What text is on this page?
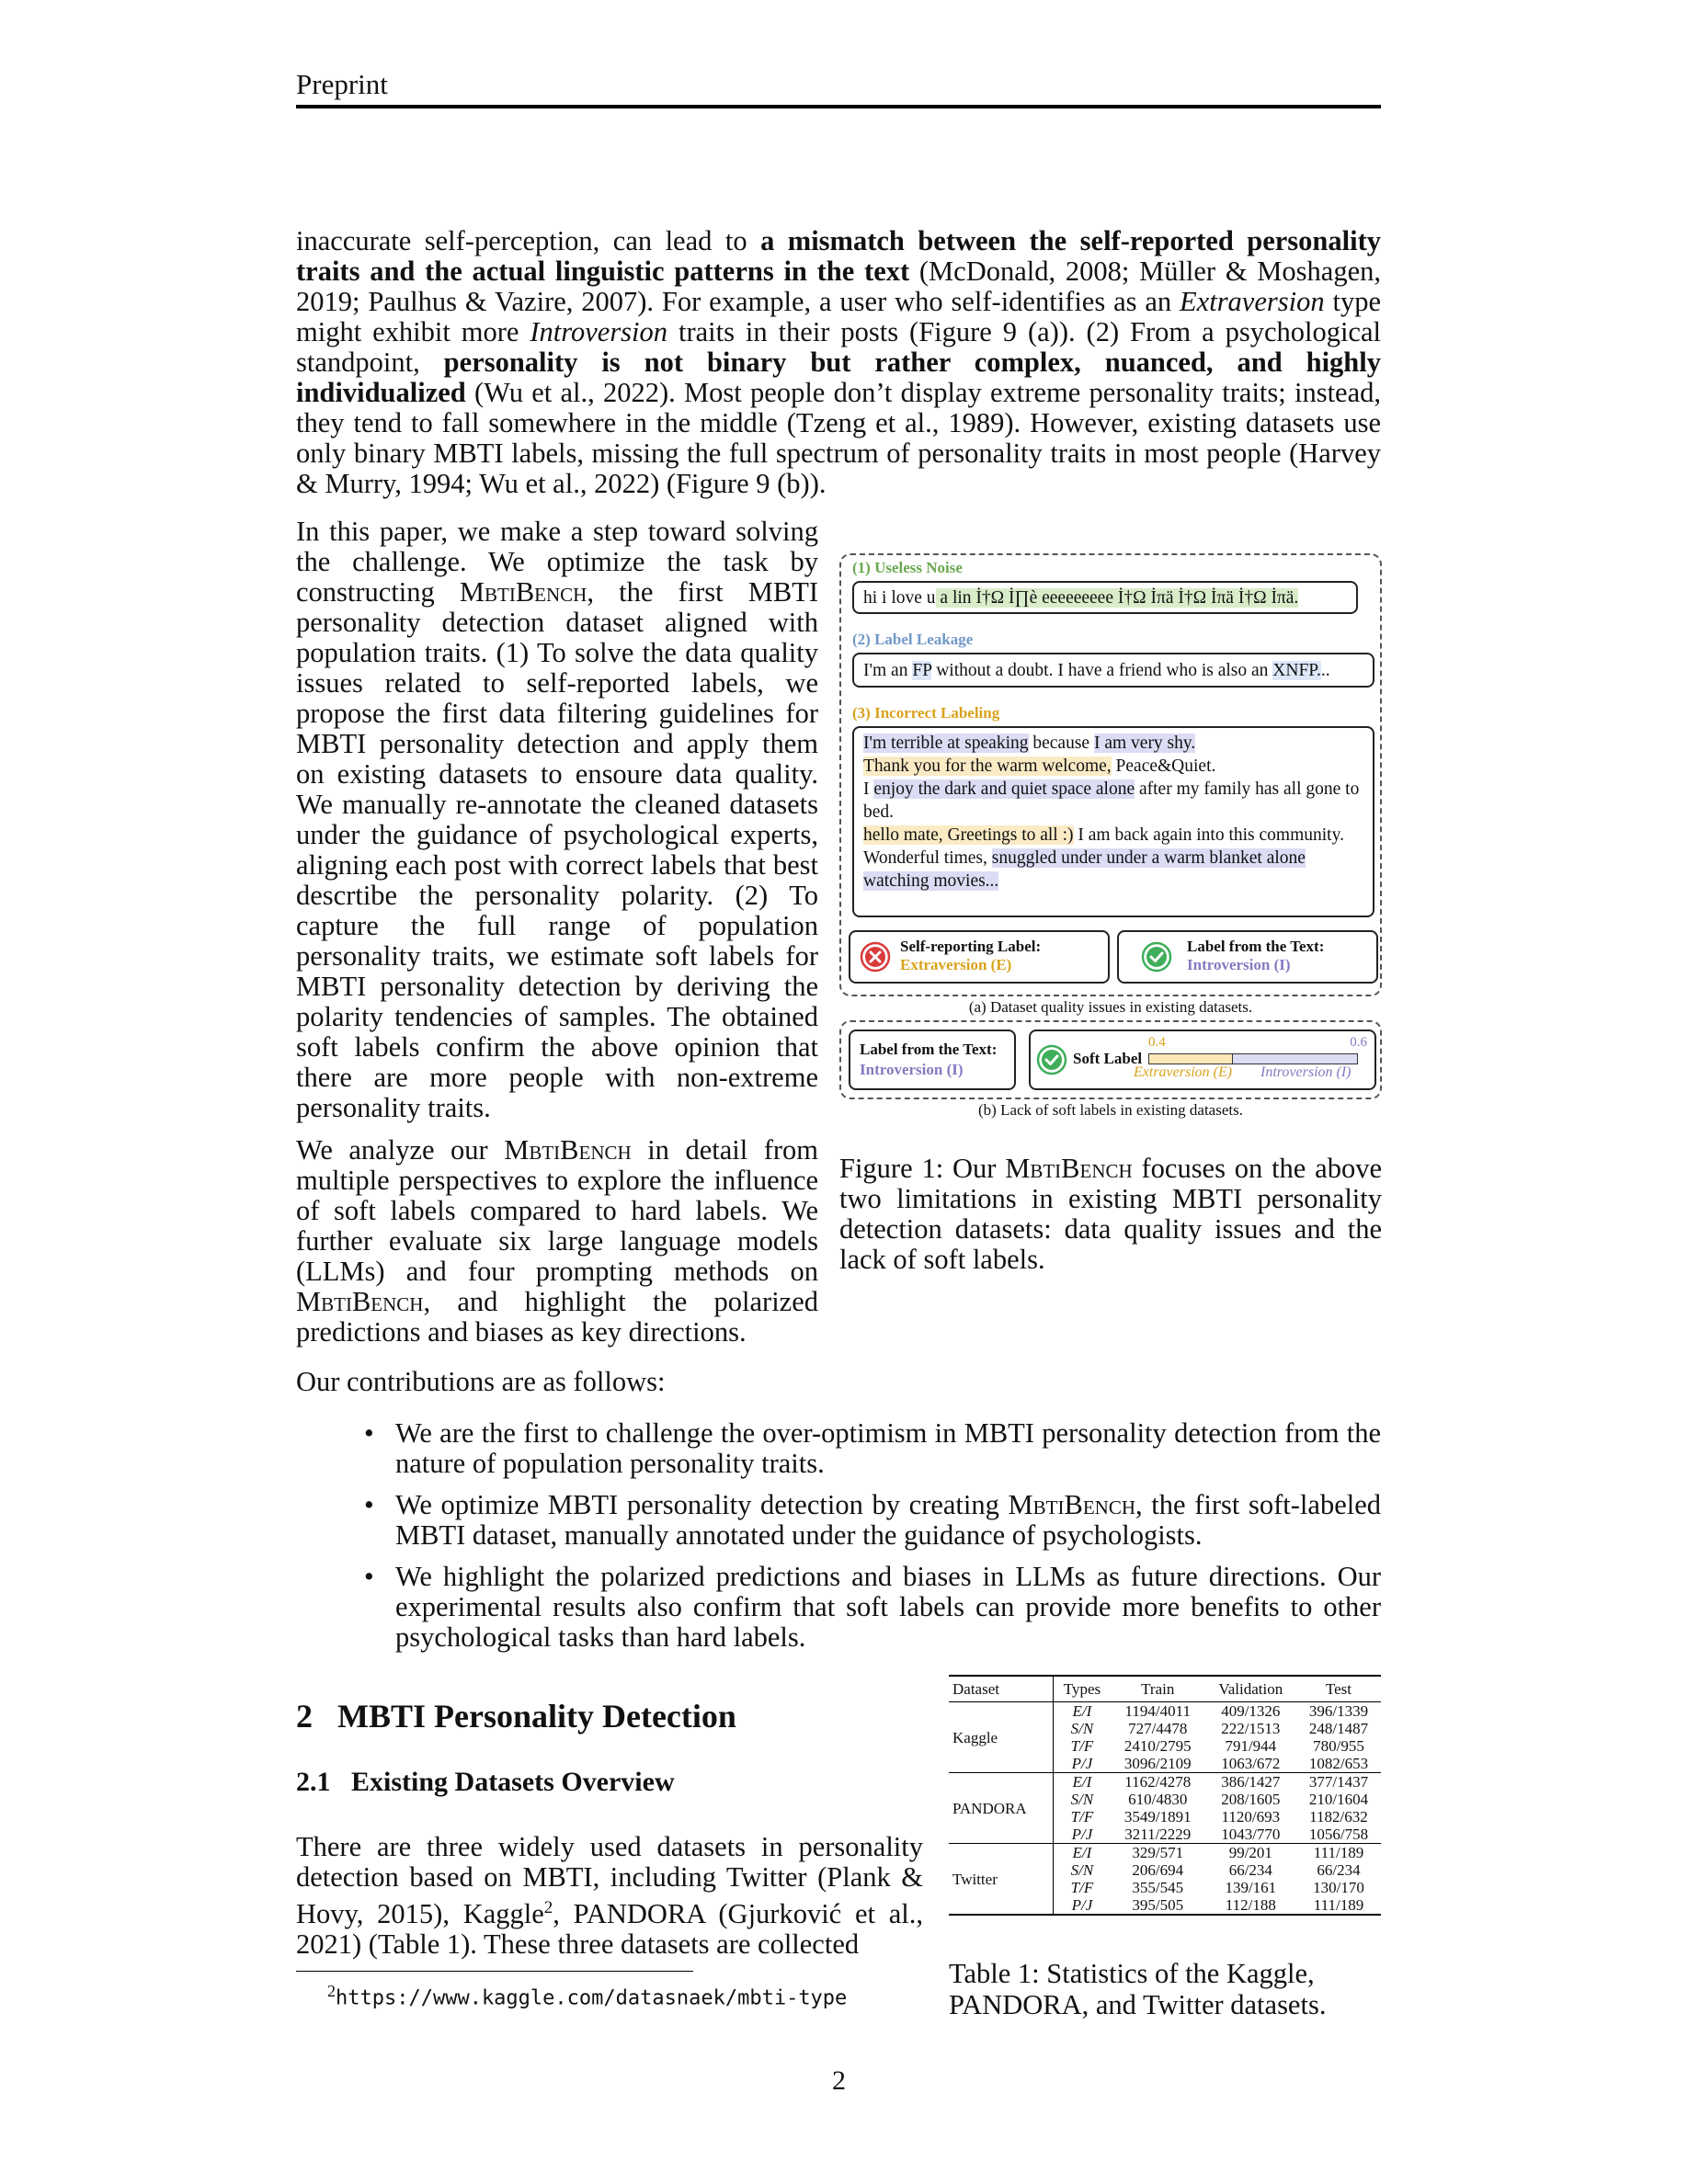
Preprint
inaccurate self-perception, can lead to a mismatch between the self-reported personality traits and the actual linguistic patterns in the text (McDonald, 2008; Müller & Moshagen, 2019; Paulhus & Vazire, 2007). For example, a user who self-identifies as an Extraversion type might exhibit more Introversion traits in their posts (Figure 9 (a)). (2) From a psychological standpoint, personality is not binary but rather complex, nuanced, and highly individualized (Wu et al., 2022). Most people don’t display extreme personality traits; instead, they tend to fall somewhere in the middle (Tzeng et al., 1989). However, existing datasets use only binary MBTI labels, missing the full spectrum of personality traits in most people (Harvey & Murry, 1994; Wu et al., 2022) (Figure 9 (b)).
In this paper, we make a step toward solving the challenge. We optimize the task by constructing MbtiBench, the first MBTI personality detection dataset aligned with population traits. (1) To solve the data quality issues related to self-reported labels, we propose the first data filtering guidelines for MBTI personality detection and apply them on existing datasets to ensoure data quality. We manually re-annotate the cleaned datasets under the guidance of psychological experts, aligning each post with correct labels that best descrtibe the personality polarity. (2) To capture the full range of population personality traits, we estimate soft labels for MBTI personality detection by deriving the polarity tendencies of samples. The obtained soft labels confirm the above opinion that there are more people with non-extreme personality traits.
We analyze our MbtiBench in detail from multiple perspectives to explore the influence of soft labels compared to hard labels. We further evaluate six large language models (LLMs) and four prompting methods on MbtiBench, and highlight the polarized predictions and biases as key directions.
(1) Useless Noise
hi i love u a lin İ†Ω İ∏è eeeeeeeee İ†Ω İπä İ†Ω İπä İ†Ω İπä.
(2) Label Leakage
I'm an FP without a doubt. I have a friend who is also an XNFP...
(3) Incorrect Labeling
I'm terrible at speaking because I am very shy.
Thank you for the warm welcome, Peace&Quiet.
I enjoy the dark and quiet space alone after my family has all gone to bed.
hello mate, Greetings to all :) I am back again into this community.
Wonderful times, snuggled under under a warm blanket alone watching movies...
Self-reporting Label:
Extraversion (E)
Label from the Text:
Introversion (I)
(a) Dataset quality issues in existing datasets.
Label from the Text:
Introversion (I)
Soft Label
0.4	0.6
Extraversion (E) Introversion (I)
(b) Lack of soft labels in existing datasets.
Figure 1: Our MbtiBench focuses on the above two limitations in existing MBTI personality detection datasets: data quality issues and the lack of soft labels.
Our contributions are as follows:
• We are the first to challenge the over-optimism in MBTI personality detection from the nature of population personality traits.
• We optimize MBTI personality detection by creating MbtiBench, the first soft-labeled MBTI dataset, manually annotated under the guidance of psychologists.
• We highlight the polarized predictions and biases in LLMs as future directions. Our experimental results also confirm that soft labels can provide more benefits to other psychological tasks than hard labels.
2 MBTI Personality Detection
2.1 Existing Datasets Overview
There are three widely used datasets in personality detection based on MBTI, including Twitter (Plank & Hovy, 2015), Kaggle$^2$, PANDORA (Gjurković et al., 2021) (Table 1). These three datasets are collected
$^2$https://www.kaggle.com/datasnaek/mbti-type
Dataset	Types	Train	Validation	Test
Kaggle	E/I	1194/4011	409/1326	396/1339
	S/N	727/4478	222/1513	248/1487
	T/F	2410/2795	791/944	780/955
	P/J	3096/2109	1063/672	1082/653
PANDORA	E/I	1162/4278	386/1427	377/1437
	S/N	610/4830	208/1605	210/1604
	T/F	3549/1891	1120/693	1182/632
	P/J	3211/2229	1043/770	1056/758
Twitter	E/I	329/571	99/201	111/189
	S/N	206/694	66/234	66/234
	T/F	355/545	139/161	130/170
	P/J	395/505	112/188	111/189
Table 1: Statistics of the Kaggle, PANDORA, and Twitter datasets.
2
